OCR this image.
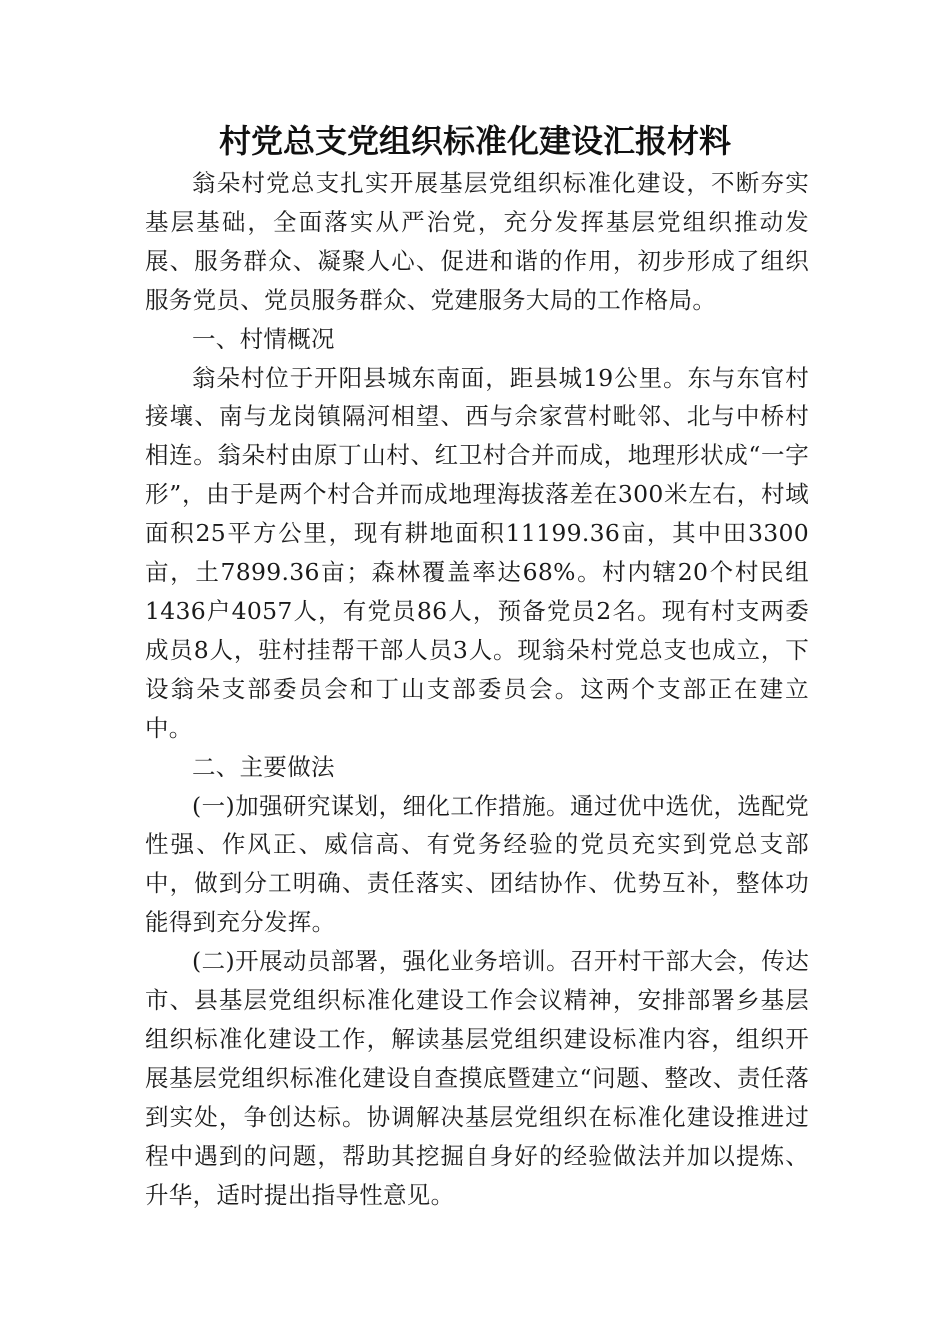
村党总支党组织标准化建设汇报材料

翁朵村党总支扎实开展基层党组织标准化建设，不断夯实基层基础，全面落实从严治党，充分发挥基层党组织推动发展、服务群众、凝聚人心、促进和谐的作用，初步形成了组织服务党员、党员服务群众、党建服务大局的工作格局。

一、村情概况

翁朵村位于开阳县城东南面，距县城19公里。东与东官村接壤、南与龙岗镇隔河相望、西与佘家营村毗邻、北与中桥村相连。翁朵村由原丁山村、红卫村合并而成，地理形状成“一字形”，由于是两个村合并而成地理海拔落差在300米左右，村域面积25平方公里，现有耕地面积11199.36亩，其中田3300亩，土7899.36亩；森林覆盖率达68%。村内辖20个村民组1436户4057人，有党员86人，预备党员2名。现有村支两委成员8人，驻村挂帮干部人员3人。现翁朵村党总支也成立，下设翁朵支部委员会和丁山支部委员会。这两个支部正在建立中。

二、主要做法

(一)加强研究谋划，细化工作措施。通过优中选优，选配党性强、作风正、威信高、有党务经验的党员充实到党总支部中，做到分工明确、责任落实、团结协作、优势互补，整体功能得到充分发挥。

(二)开展动员部署，强化业务培训。召开村干部大会，传达市、县基层党组织标准化建设工作会议精神，安排部署乡基层组织标准化建设工作，解读基层党组织建设标准内容，组织开展基层党组织标准化建设自查摸底暨建立“问题、整改、责任落到实处，争创达标。协调解决基层党组织在标准化建设推进过程中遇到的问题，帮助其挖掘自身好的经验做法并加以提炼、升华，适时提出指导性意见。
